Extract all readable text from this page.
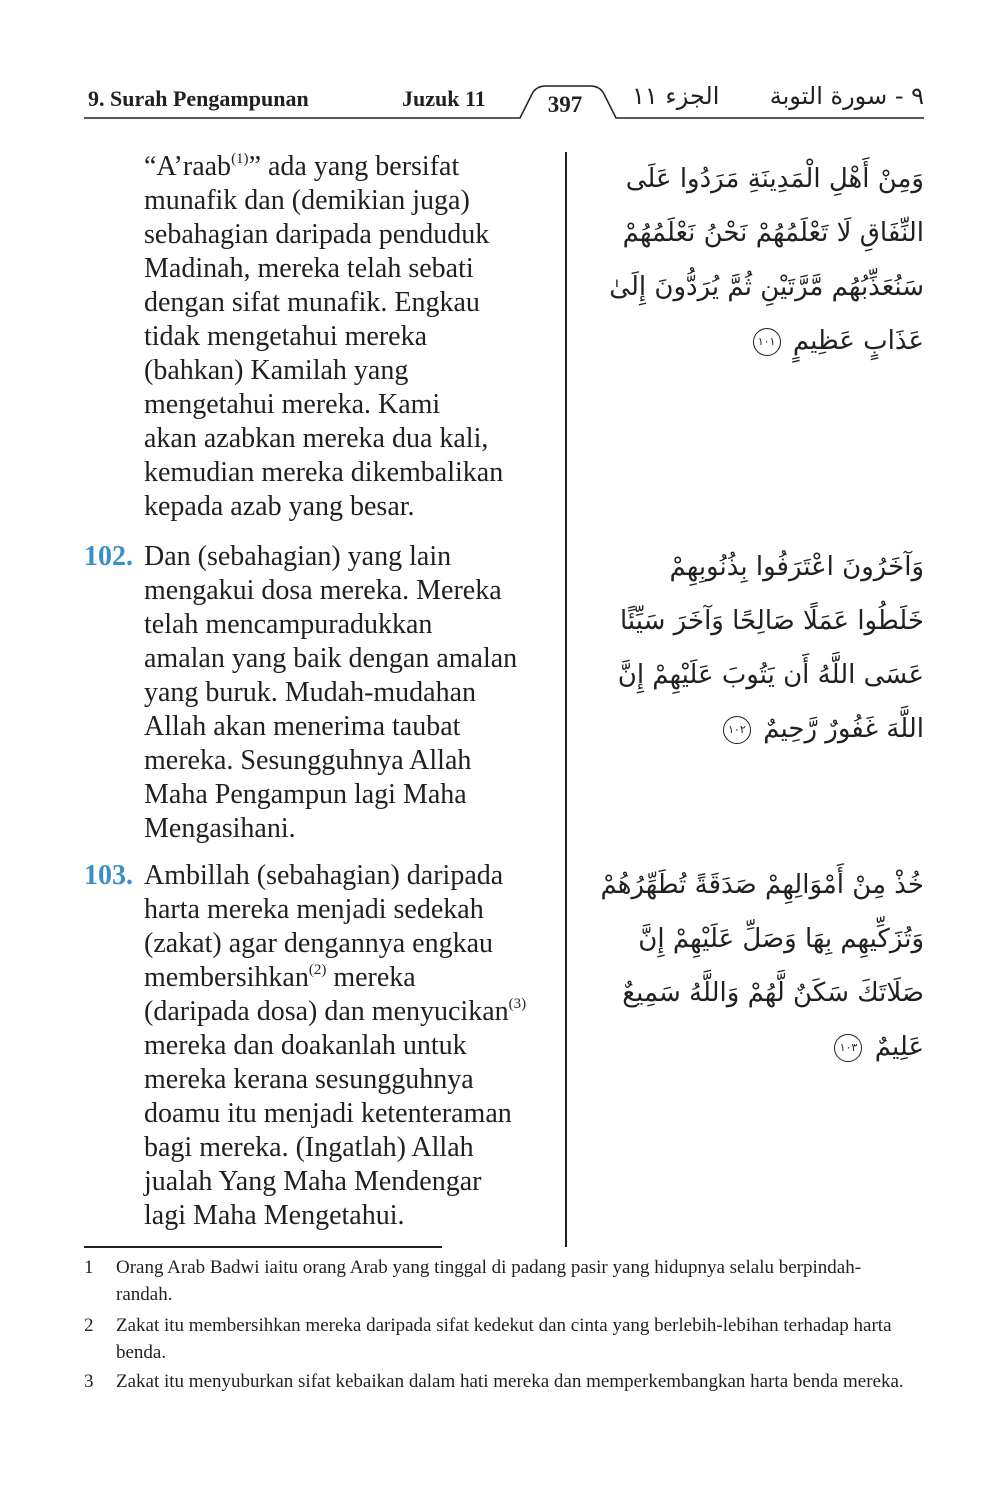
9. Surah Pengampunan	Juzuk 11	397	الجزء ١١ ٩ - سورة التوبة
“A’raab$^{(1)}$” ada yang bersifat
munafik dan (demikian juga)
sebahagian daripada penduduk
Madinah, mereka telah sebati
dengan sifat munafik. Engkau
tidak mengetahui mereka
(bahkan) Kamilah yang
mengetahui mereka. Kami
akan azabkan mereka dua kali,
kemudian mereka dikembalikan
kepada azab yang besar.
وَمِنْ أَهْلِ الْمَدِينَةِ مَرَدُوا عَلَى النِّفَاقِ لَا تَعْلَمُهُمْ نَحْنُ نَعْلَمُهُمْ سَنُعَذِّبُهُم مَّرَّتَيْنِ ثُمَّ يُرَدُّونَ إِلَىٰ عَذَابٍ عَظِيمٍ ١٠١
102. Dan (sebahagian) yang lain
mengakui dosa mereka. Mereka
telah mencampuradukkan
amalan yang baik dengan amalan
yang buruk. Mudah-mudahan
Allah akan menerima taubat
mereka. Sesungguhnya Allah
Maha Pengampun lagi Maha
Mengasihani.
وَآخَرُونَ اعْتَرَفُوا بِذُنُوبِهِمْ خَلَطُوا عَمَلًا صَالِحًا وَآخَرَ سَيِّئًا عَسَى اللَّهُ أَن يَتُوبَ عَلَيْهِمْ إِنَّ اللَّهَ غَفُورٌ رَّحِيمٌ ١٠٢
103. Ambillah (sebahagian) daripada
harta mereka menjadi sedekah
(zakat) agar dengannya engkau
membersihkan$^{(2)}$ mereka
(daripada dosa) dan menyucikan$^{(3)}$
mereka dan doakanlah untuk
mereka kerana sesungguhnya
doamu itu menjadi ketenteraman
bagi mereka. (Ingatlah) Allah
jualah Yang Maha Mendengar
lagi Maha Mengetahui.
خُذْ مِنْ أَمْوَالِهِمْ صَدَقَةً تُطَهِّرُهُمْ وَتُزَكِّيهِم بِهَا وَصَلِّ عَلَيْهِمْ إِنَّ صَلَاتَكَ سَكَنٌ لَّهُمْ وَاللَّهُ سَمِيعٌ عَلِيمٌ ١٠٣
1 Orang Arab Badwi iaitu orang Arab yang tinggal di padang pasir yang hidupnya selalu berpindah-randah.
2 Zakat itu membersihkan mereka daripada sifat kedekut dan cinta yang berlebih-lebihan terhadap harta benda.
3 Zakat itu menyuburkan sifat kebaikan dalam hati mereka dan memperkembangkan harta benda mereka.
